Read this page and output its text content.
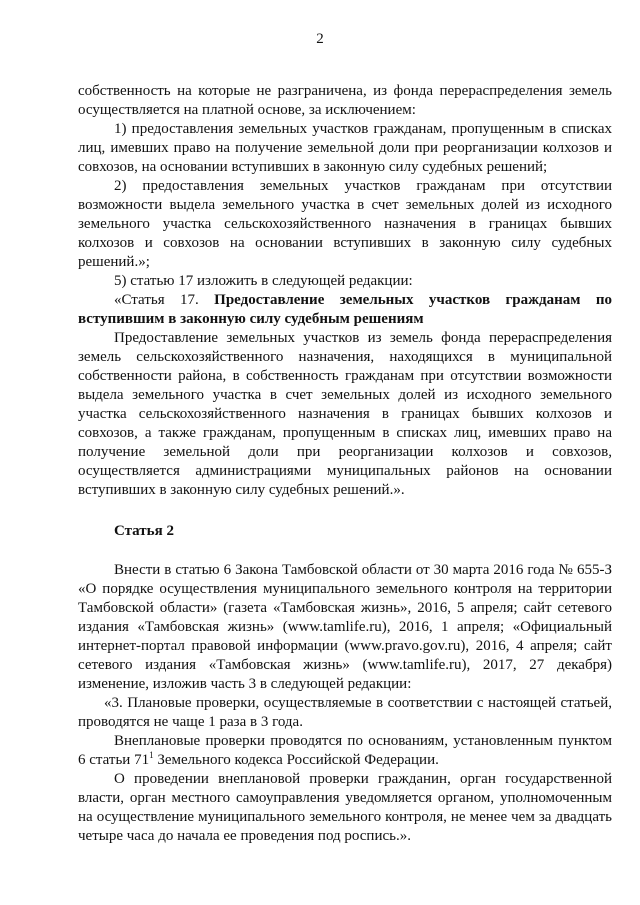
2

собственность на которые не разграничена, из фонда перераспределения земель осуществляется на платной основе, за исключением:

1) предоставления земельных участков гражданам, пропущенным в списках лиц, имевших право на получение земельной доли при реорганизации колхозов и совхозов, на основании вступивших в законную силу судебных решений;

2) предоставления земельных участков гражданам при отсутствии возможности выдела земельного участка в счет земельных долей из исходного земельного участка сельскохозяйственного назначения в границах бывших колхозов и совхозов на основании вступивших в законную силу судебных решений.»;

5) статью 17 изложить в следующей редакции:

«Статья 17. Предоставление земельных участков гражданам по вступившим в законную силу судебным решениям

Предоставление земельных участков из земель фонда перераспределения земель сельскохозяйственного назначения, находящихся в муниципальной собственности района, в собственность гражданам при отсутствии возможности выдела земельного участка в счет земельных долей из исходного земельного участка сельскохозяйственного назначения в границах бывших колхозов и совхозов, а также гражданам, пропущенным в списках лиц, имевших право на получение земельной доли при реорганизации колхозов и совхозов, осуществляется администрациями муниципальных районов на основании вступивших в законную силу судебных решений.».

Статья 2

Внести в статью 6 Закона Тамбовской области от 30 марта 2016 года № 655-З «О порядке осуществления муниципального земельного контроля на территории Тамбовской области» (газета «Тамбовская жизнь», 2016, 5 апреля; сайт сетевого издания «Тамбовская жизнь» (www.tamlife.ru), 2016, 1 апреля; «Официальный интернет-портал правовой информации (www.pravo.gov.ru), 2016, 4 апреля; сайт сетевого издания «Тамбовская жизнь» (www.tamlife.ru), 2017, 27 декабря) изменение, изложив часть 3 в следующей редакции:

«3. Плановые проверки, осуществляемые в соответствии с настоящей статьей, проводятся не чаще 1 раза в 3 года.

Внеплановые проверки проводятся по основаниям, установленным пунктом 6 статьи $71^1$ Земельного кодекса Российской Федерации.

О проведении внеплановой проверки гражданин, орган государственной власти, орган местного самоуправления уведомляется органом, уполномоченным на осуществление муниципального земельного контроля, не менее чем за двадцать четыре часа до начала ее проведения под роспись.».
